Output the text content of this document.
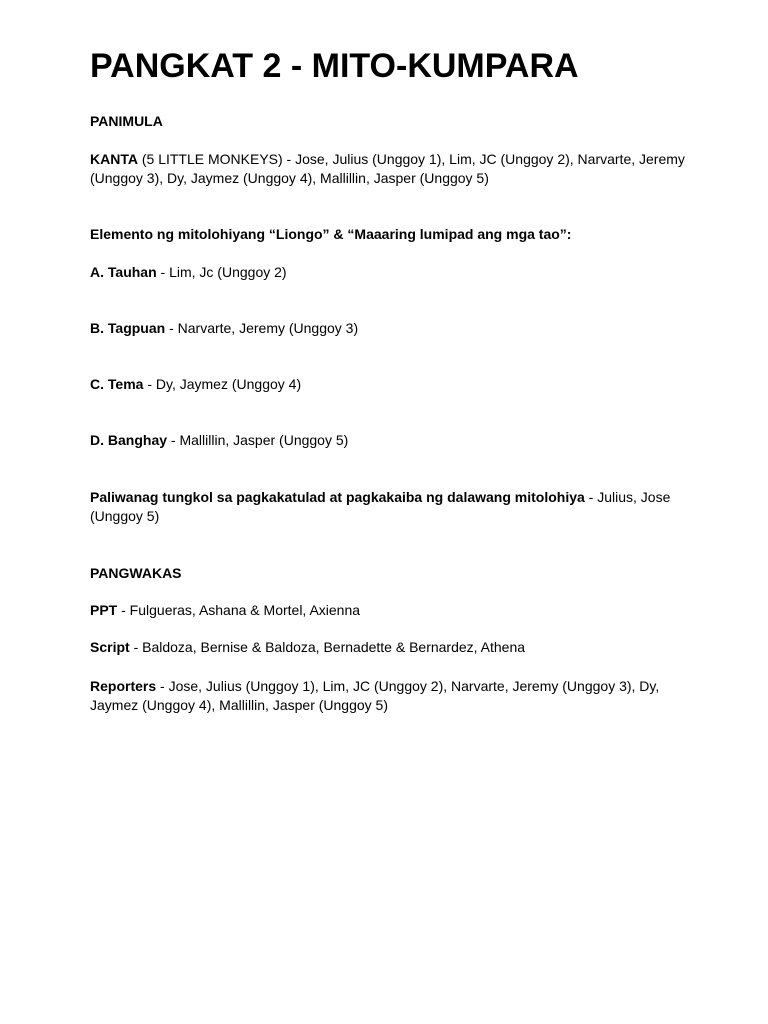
PANGKAT 2 - MITO-KUMPARA

PANIMULA

KANTA (5 LITTLE MONKEYS) - Jose, Julius (Unggoy 1), Lim, JC (Unggoy 2), Narvarte, Jeremy (Unggoy 3), Dy, Jaymez (Unggoy 4), Mallillin, Jasper (Unggoy 5)

Elemento ng mitolohiyang “Liongo” & “Maaaring lumipad ang mga tao”:

A. Tauhan - Lim, Jc (Unggoy 2)

B. Tagpuan - Narvarte, Jeremy (Unggoy 3)

C. Tema - Dy, Jaymez (Unggoy 4)

D. Banghay - Mallillin, Jasper (Unggoy 5)

Paliwanag tungkol sa pagkakatulad at pagkakaiba ng dalawang mitolohiya - Julius, Jose (Unggoy 5)

PANGWAKAS

PPT - Fulgueras, Ashana & Mortel, Axienna

Script - Baldoza, Bernise & Baldoza, Bernadette & Bernardez, Athena

Reporters - Jose, Julius (Unggoy 1), Lim, JC (Unggoy 2), Narvarte, Jeremy (Unggoy 3), Dy, Jaymez (Unggoy 4), Mallillin, Jasper (Unggoy 5)
